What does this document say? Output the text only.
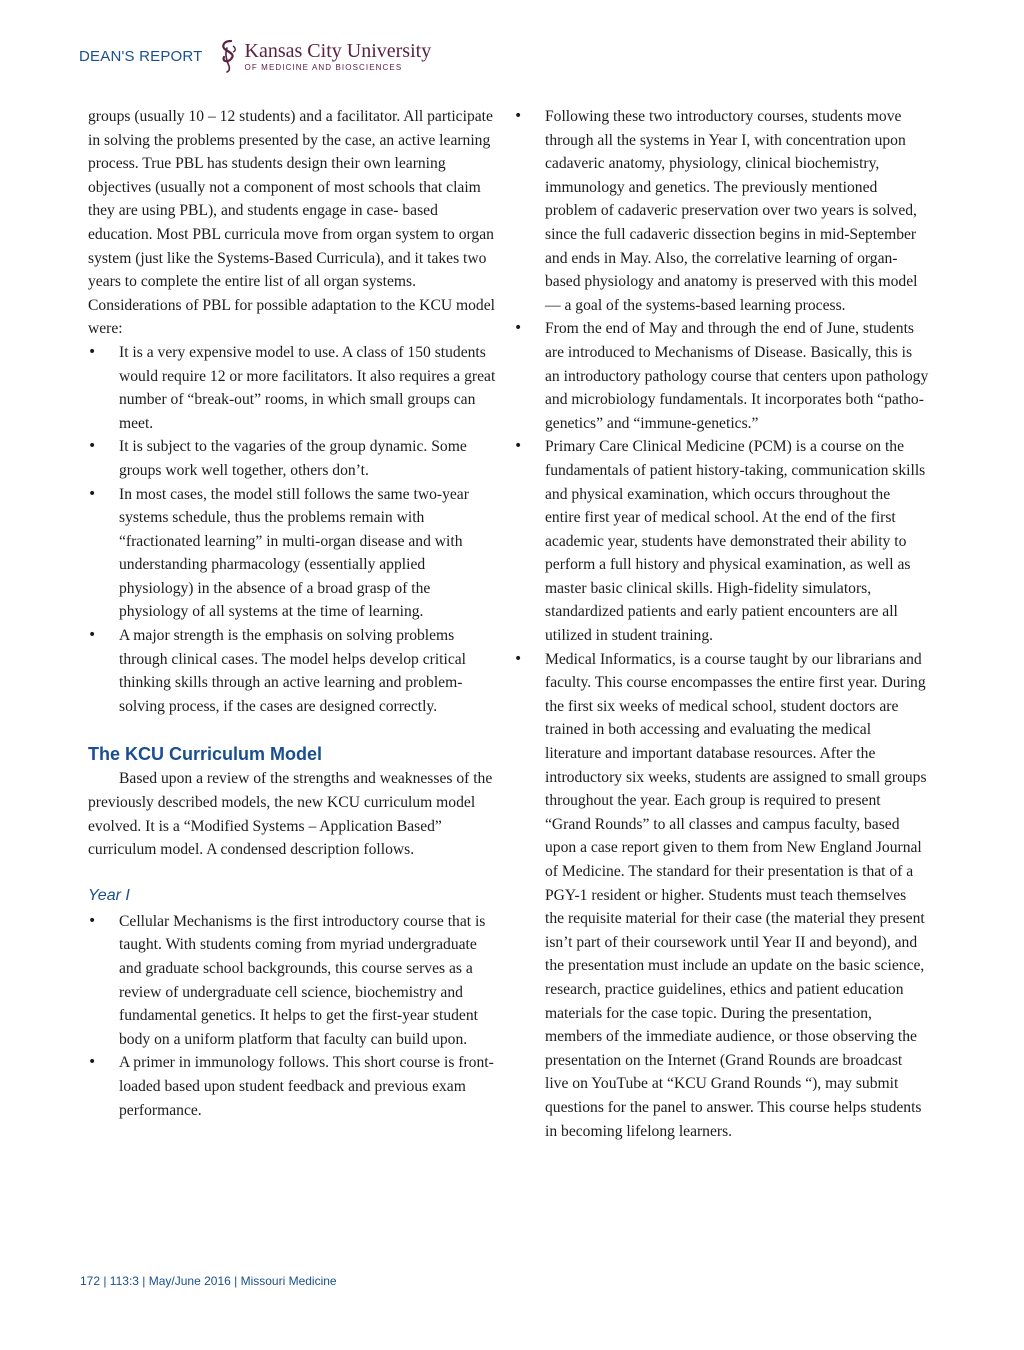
DEAN'S REPORT Kansas City University
OF MEDICINE AND BIOSCIENCES

groups (usually 10 – 12 students) and a facilitator. All participate in solving the problems presented by the case, an active learning process. True PBL has students design their own learning objectives (usually not a component of most schools that claim they are using PBL), and students engage in case- based education. Most PBL curricula move from organ system to organ system (just like the Systems-Based Curricula), and it takes two years to complete the entire list of all organ systems. Considerations of PBL for possible adaptation to the KCU model were:

• It is a very expensive model to use. A class of 150 students would require 12 or more facilitators. It also requires a great number of “break-out” rooms, in which small groups can meet.
• It is subject to the vagaries of the group dynamic. Some groups work well together, others don’t.
• In most cases, the model still follows the same two-year systems schedule, thus the problems remain with “fractionated learning” in multi-organ disease and with understanding pharmacology (essentially applied physiology) in the absence of a broad grasp of the physiology of all systems at the time of learning.
• A major strength is the emphasis on solving problems through clinical cases. The model helps develop critical thinking skills through an active learning and problem- solving process, if the cases are designed correctly.
The KCU Curriculum Model

Based upon a review of the strengths and weaknesses of the previously described models, the new KCU curriculum model evolved. It is a “Modified Systems – Application Based” curriculum model. A condensed description follows.

Year I
• Cellular Mechanisms is the first introductory course that is taught. With students coming from myriad undergraduate and graduate school backgrounds, this course serves as a review of undergraduate cell science, biochemistry and fundamental genetics. It helps to get the first-year student body on a uniform platform that faculty can build upon.
• A primer in immunology follows. This short course is front-loaded based upon student feedback and previous exam performance.
• Following these two introductory courses, students move through all the systems in Year I, with concentration upon cadaveric anatomy, physiology, clinical biochemistry, immunology and genetics. The previously mentioned problem of cadaveric preservation over two years is solved, since the full cadaveric dissection begins in mid-September and ends in May. Also, the correlative learning of organ- based physiology and anatomy is preserved with this model — a goal of the systems-based learning process.
• From the end of May and through the end of June, students are introduced to Mechanisms of Disease. Basically, this is an introductory pathology course that centers upon pathology and microbiology fundamentals. It incorporates both “patho-genetics” and “immune-genetics.”
• Primary Care Clinical Medicine (PCM) is a course on the fundamentals of patient history-taking, communication skills and physical examination, which occurs throughout the entire first year of medical school. At the end of the first academic year, students have demonstrated their ability to perform a full history and physical examination, as well as master basic clinical skills. High-fidelity simulators, standardized patients and early patient encounters are all utilized in student training.
• Medical Informatics, is a course taught by our librarians and faculty. This course encompasses the entire first year. During the first six weeks of medical school, student doctors are trained in both accessing and evaluating the medical literature and important database resources. After the introductory six weeks, students are assigned to small groups throughout the year. Each group is required to present “Grand Rounds” to all classes and campus faculty, based upon a case report given to them from New England Journal of Medicine. The standard for their presentation is that of a PGY-1 resident or higher. Students must teach themselves the requisite material for their case (the material they present isn’t part of their coursework until Year II and beyond), and the presentation must include an update on the basic science, research, practice guidelines, ethics and patient education materials for the case topic. During the presentation, members of the immediate audience, or those observing the presentation on the Internet (Grand Rounds are broadcast live on YouTube at “KCU Grand Rounds “), may submit questions for the panel to answer. This course helps students in becoming lifelong learners.
172 | 113:3 | May/June 2016 | Missouri Medicine
